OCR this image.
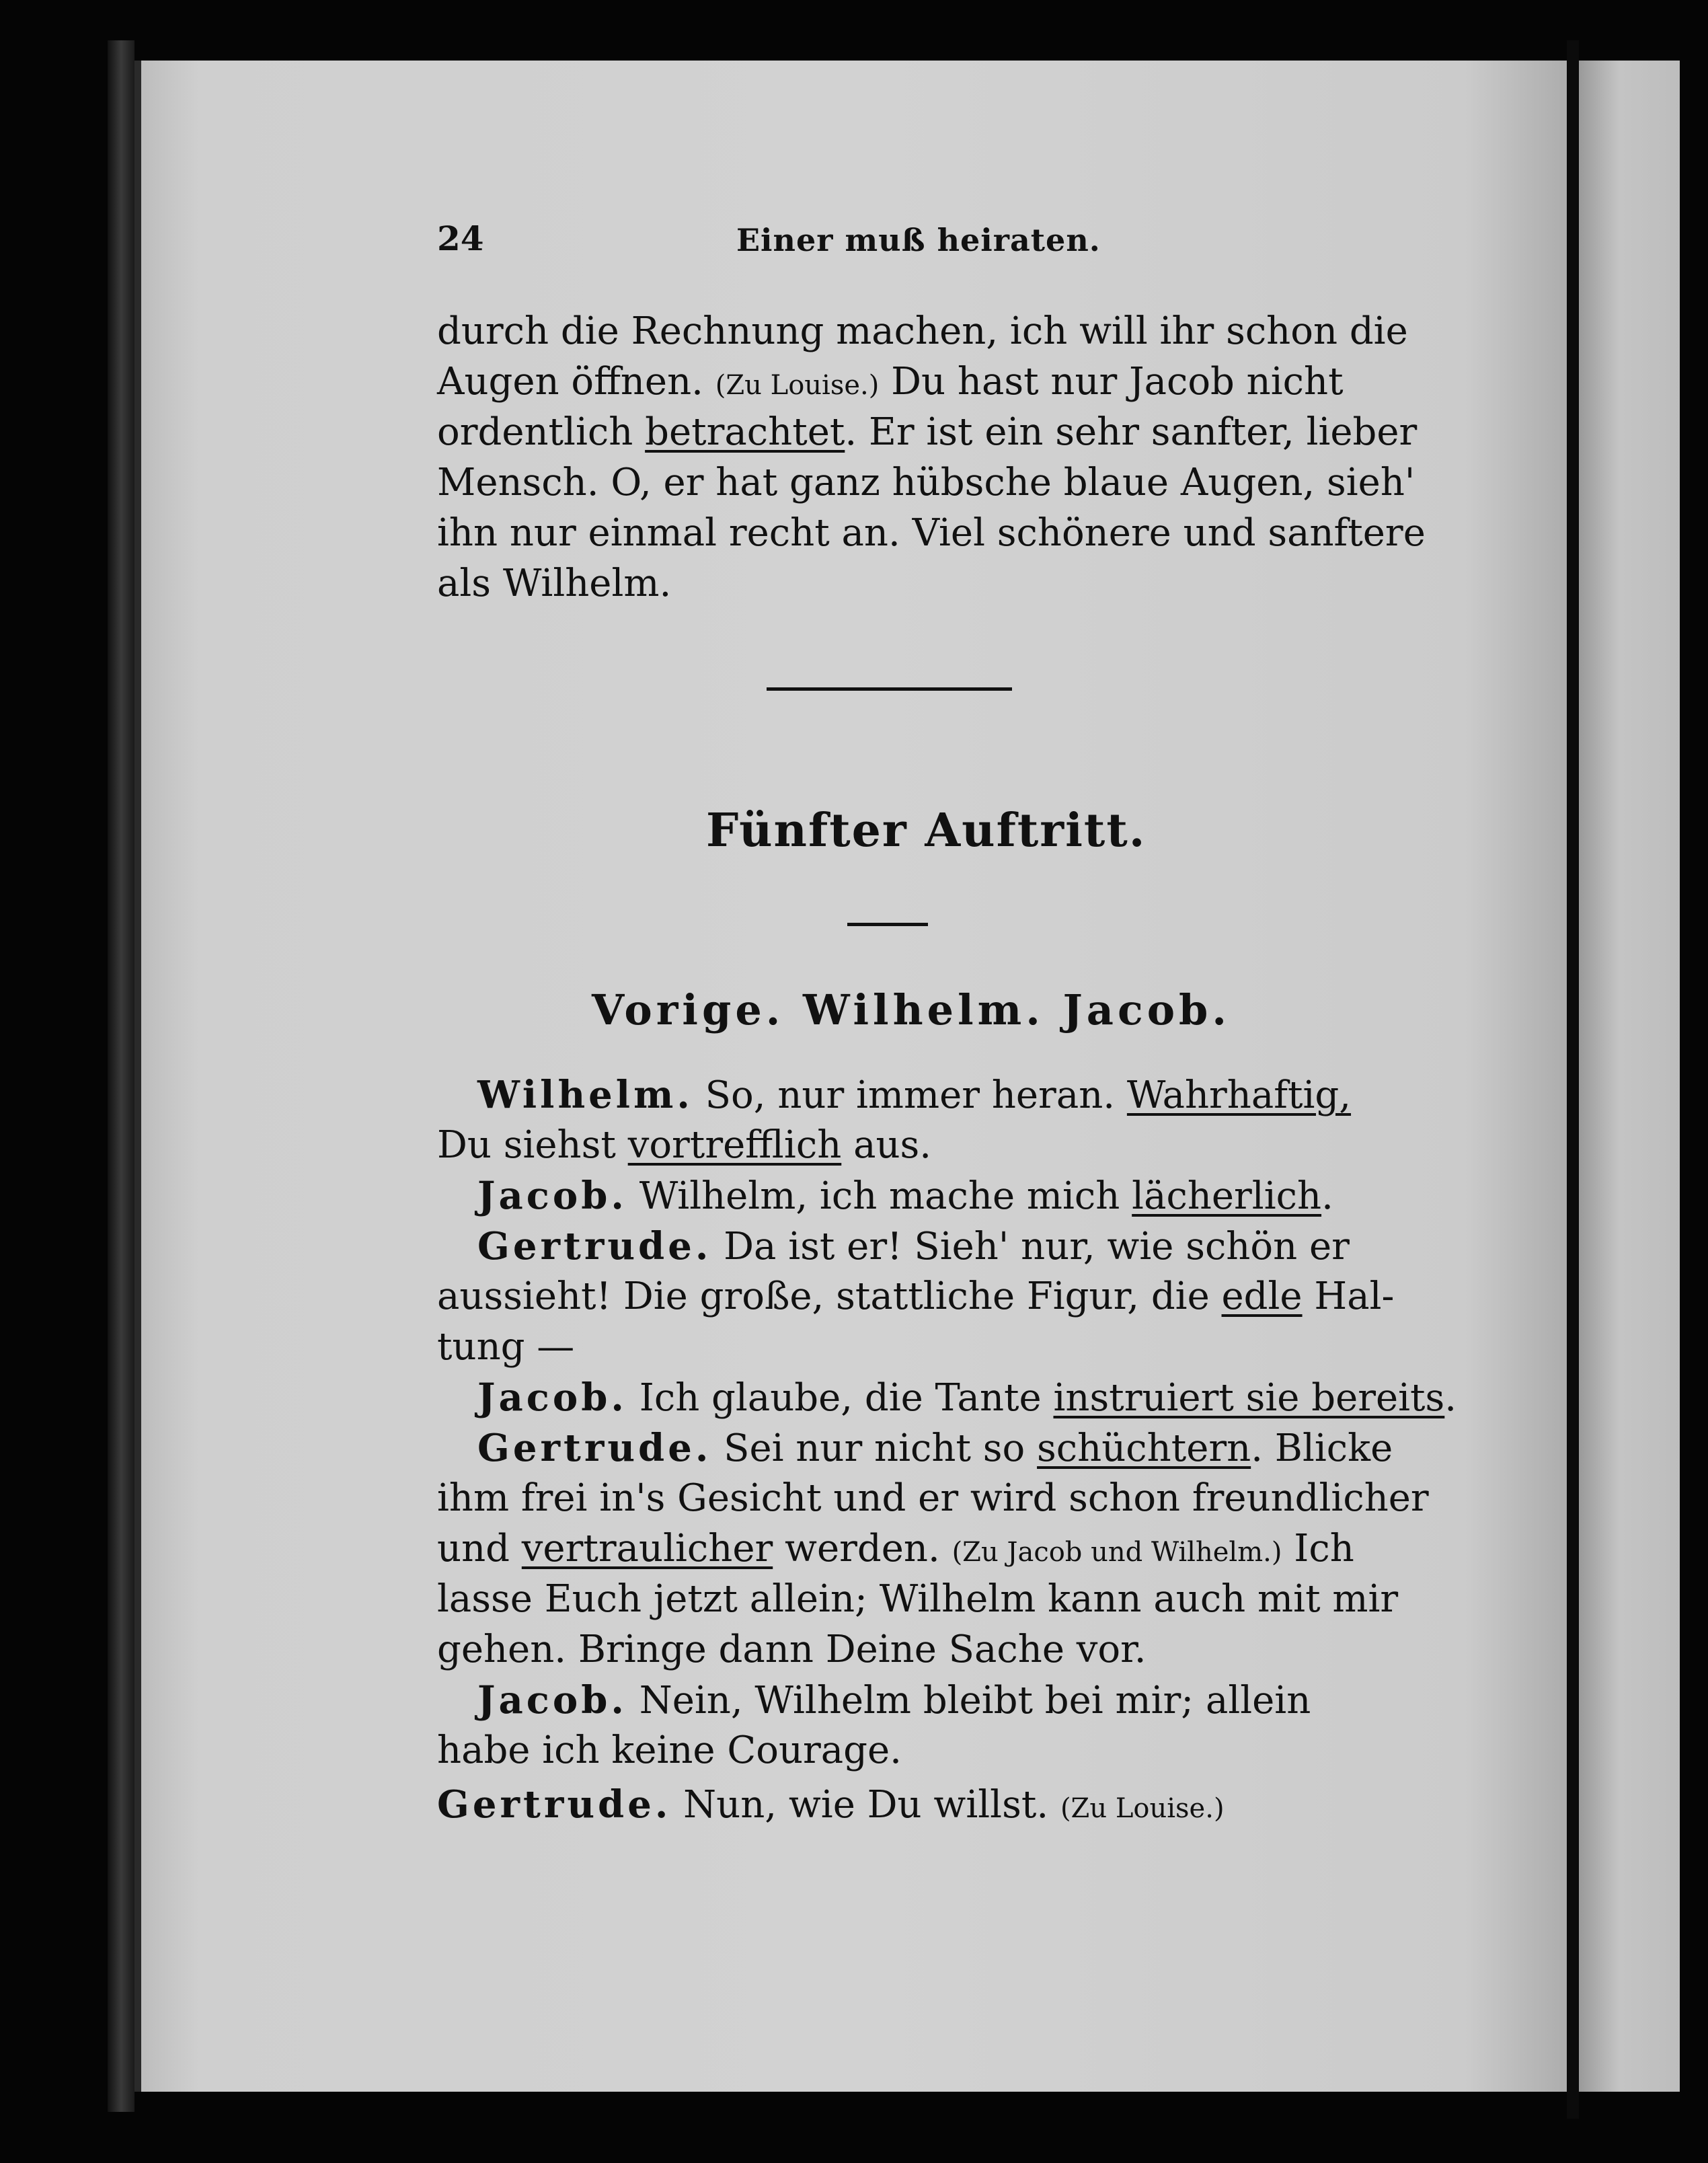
24	Einer muß heiraten.
durch die Rechnung machen, ich will ihr schon die
Augen öffnen. (Zu Louise.) Du hast nur Jacob nicht
ordentlich betrachtet. Er ist ein sehr sanfter, lieber
Mensch. O, er hat ganz hübsche blaue Augen, sieh'
ihn nur einmal recht an. Viel schönere und sanftere
als Wilhelm.
Fünfter Auftritt.
Vorige. Wilhelm. Jacob.
Wilhelm. So, nur immer heran. Wahrhaftig,
Du siehst vortrefflich aus.
Jacob. Wilhelm, ich mache mich lächerlich.
Gertrude. Da ist er! Sieh' nur, wie schön er
aussieht! Die große, stattliche Figur, die edle Hal-
tung —
Jacob. Ich glaube, die Tante instruiert sie bereits.
Gertrude. Sei nur nicht so schüchtern. Blicke
ihm frei in's Gesicht und er wird schon freundlicher
und vertraulicher werden. (Zu Jacob und Wilhelm.) Ich
lasse Euch jetzt allein; Wilhelm kann auch mit mir
gehen. Bringe dann Deine Sache vor.
Jacob. Nein, Wilhelm bleibt bei mir; allein
habe ich keine Courage.
Gertrude. Nun, wie Du willst. (Zu Louise.)
